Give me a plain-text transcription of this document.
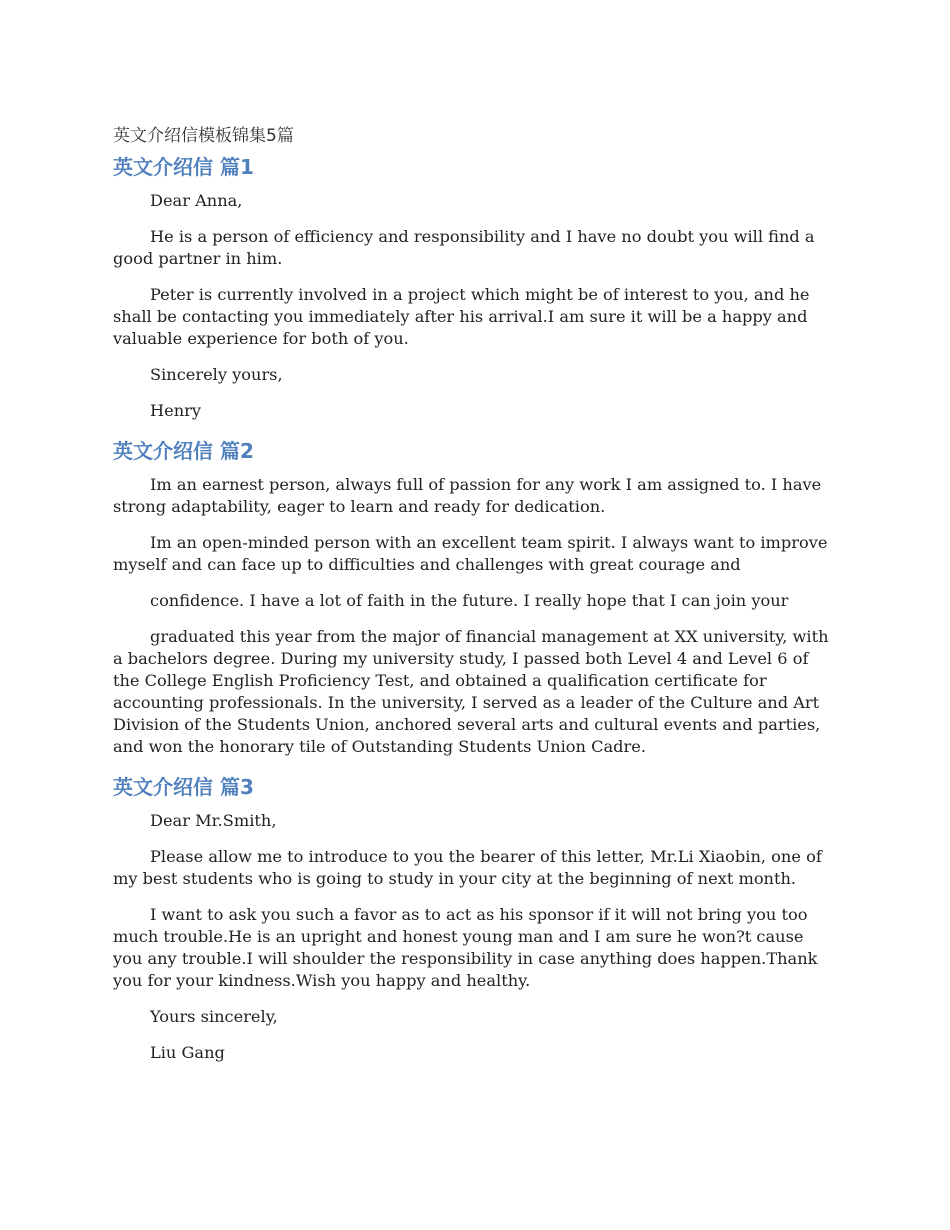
英文介绍信模板锦集5篇
英文介绍信 篇1

Dear Anna,

He is a person of efficiency and responsibility and I have no doubt you will find a good partner in him.

Peter is currently involved in a project which might be of interest to you, and he shall be contacting you immediately after his arrival.I am sure it will be a happy and valuable experience for both of you.

Sincerely yours,

Henry

英文介绍信 篇2

Im an earnest person, always full of passion for any work I am assigned to. I have strong adaptability, eager to learn and ready for dedication.

Im an open-minded person with an excellent team spirit. I always want to improve myself and can face up to difficulties and challenges with great courage and

confidence. I have a lot of faith in the future. I really hope that I can join your

graduated this year from the major of financial management at XX university, with a bachelors degree. During my university study, I passed both Level 4 and Level 6 of the College English Proficiency Test, and obtained a qualification certificate for accounting professionals. In the university, I served as a leader of the Culture and Art Division of the Students Union, anchored several arts and cultural events and parties, and won the honorary tile of Outstanding Students Union Cadre.

英文介绍信 篇3

Dear Mr.Smith,

Please allow me to introduce to you the bearer of this letter, Mr.Li Xiaobin, one of my best students who is going to study in your city at the beginning of next month.

I want to ask you such a favor as to act as his sponsor if it will not bring you too much trouble.He is an upright and honest young man and I am sure he won?t cause you any trouble.I will shoulder the responsibility in case anything does happen.Thank you for your kindness.Wish you happy and healthy.

Yours sincerely,

Liu Gang
